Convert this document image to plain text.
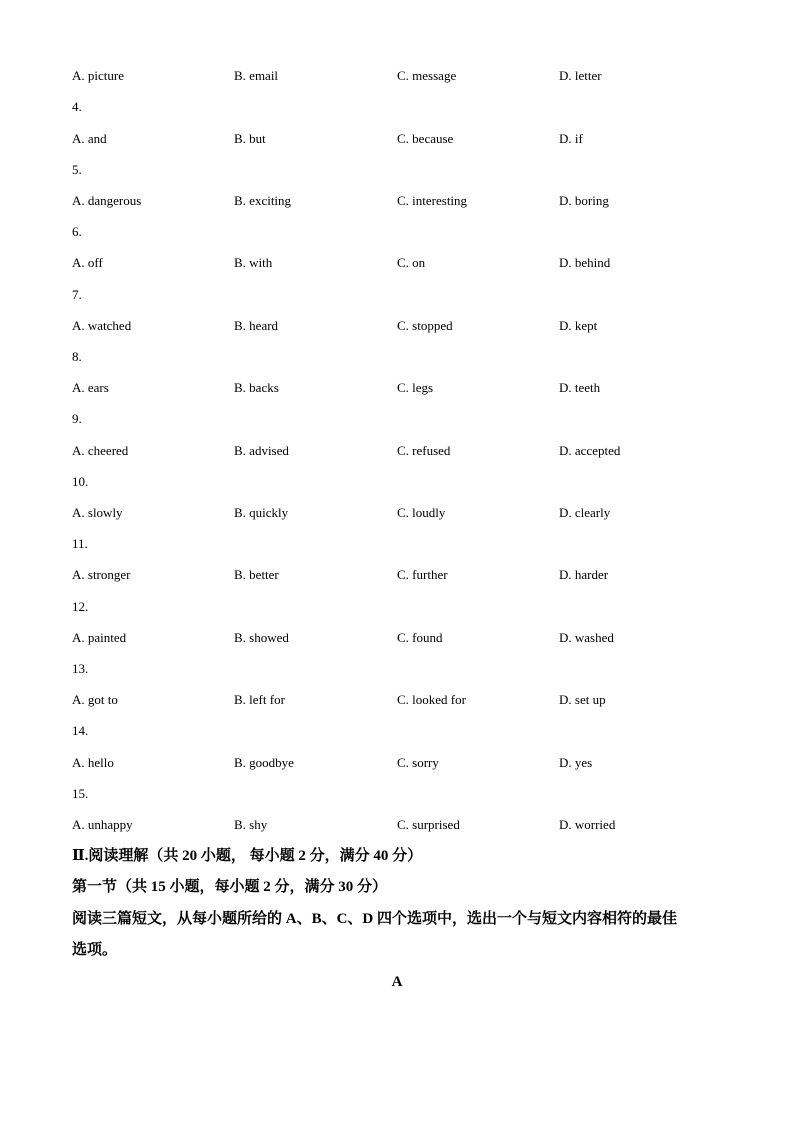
A. picture	B. email	C. message	D. letter
4.
A. and	B. but	C. because	D. if
5.
A. dangerous	B. exciting	C. interesting	D. boring
6.
A. off	B. with	C. on	D. behind
7.
A. watched	B. heard	C. stopped	D. kept
8.
A. ears	B. backs	C. legs	D. teeth
9.
A. cheered	B. advised	C. refused	D. accepted
10.
A. slowly	B. quickly	C. loudly	D. clearly
11.
A. stronger	B. better	C. further	D. harder
12.
A. painted	B. showed	C. found	D. washed
13.
A. got to	B. left for	C. looked for	D. set up
14.
A. hello	B. goodbye	C. sorry	D. yes
15.
A. unhappy	B. shy	C. surprised	D. worried
Ⅱ.阅读理解（共 20 小题， 每小题 2 分，满分 40 分）
第一节（共 15 小题，每小题 2 分，满分 30 分）
阅读三篇短文，从每小题所给的 A、B、C、D 四个选项中，选出一个与短文内容相符的最佳
选项。
A
